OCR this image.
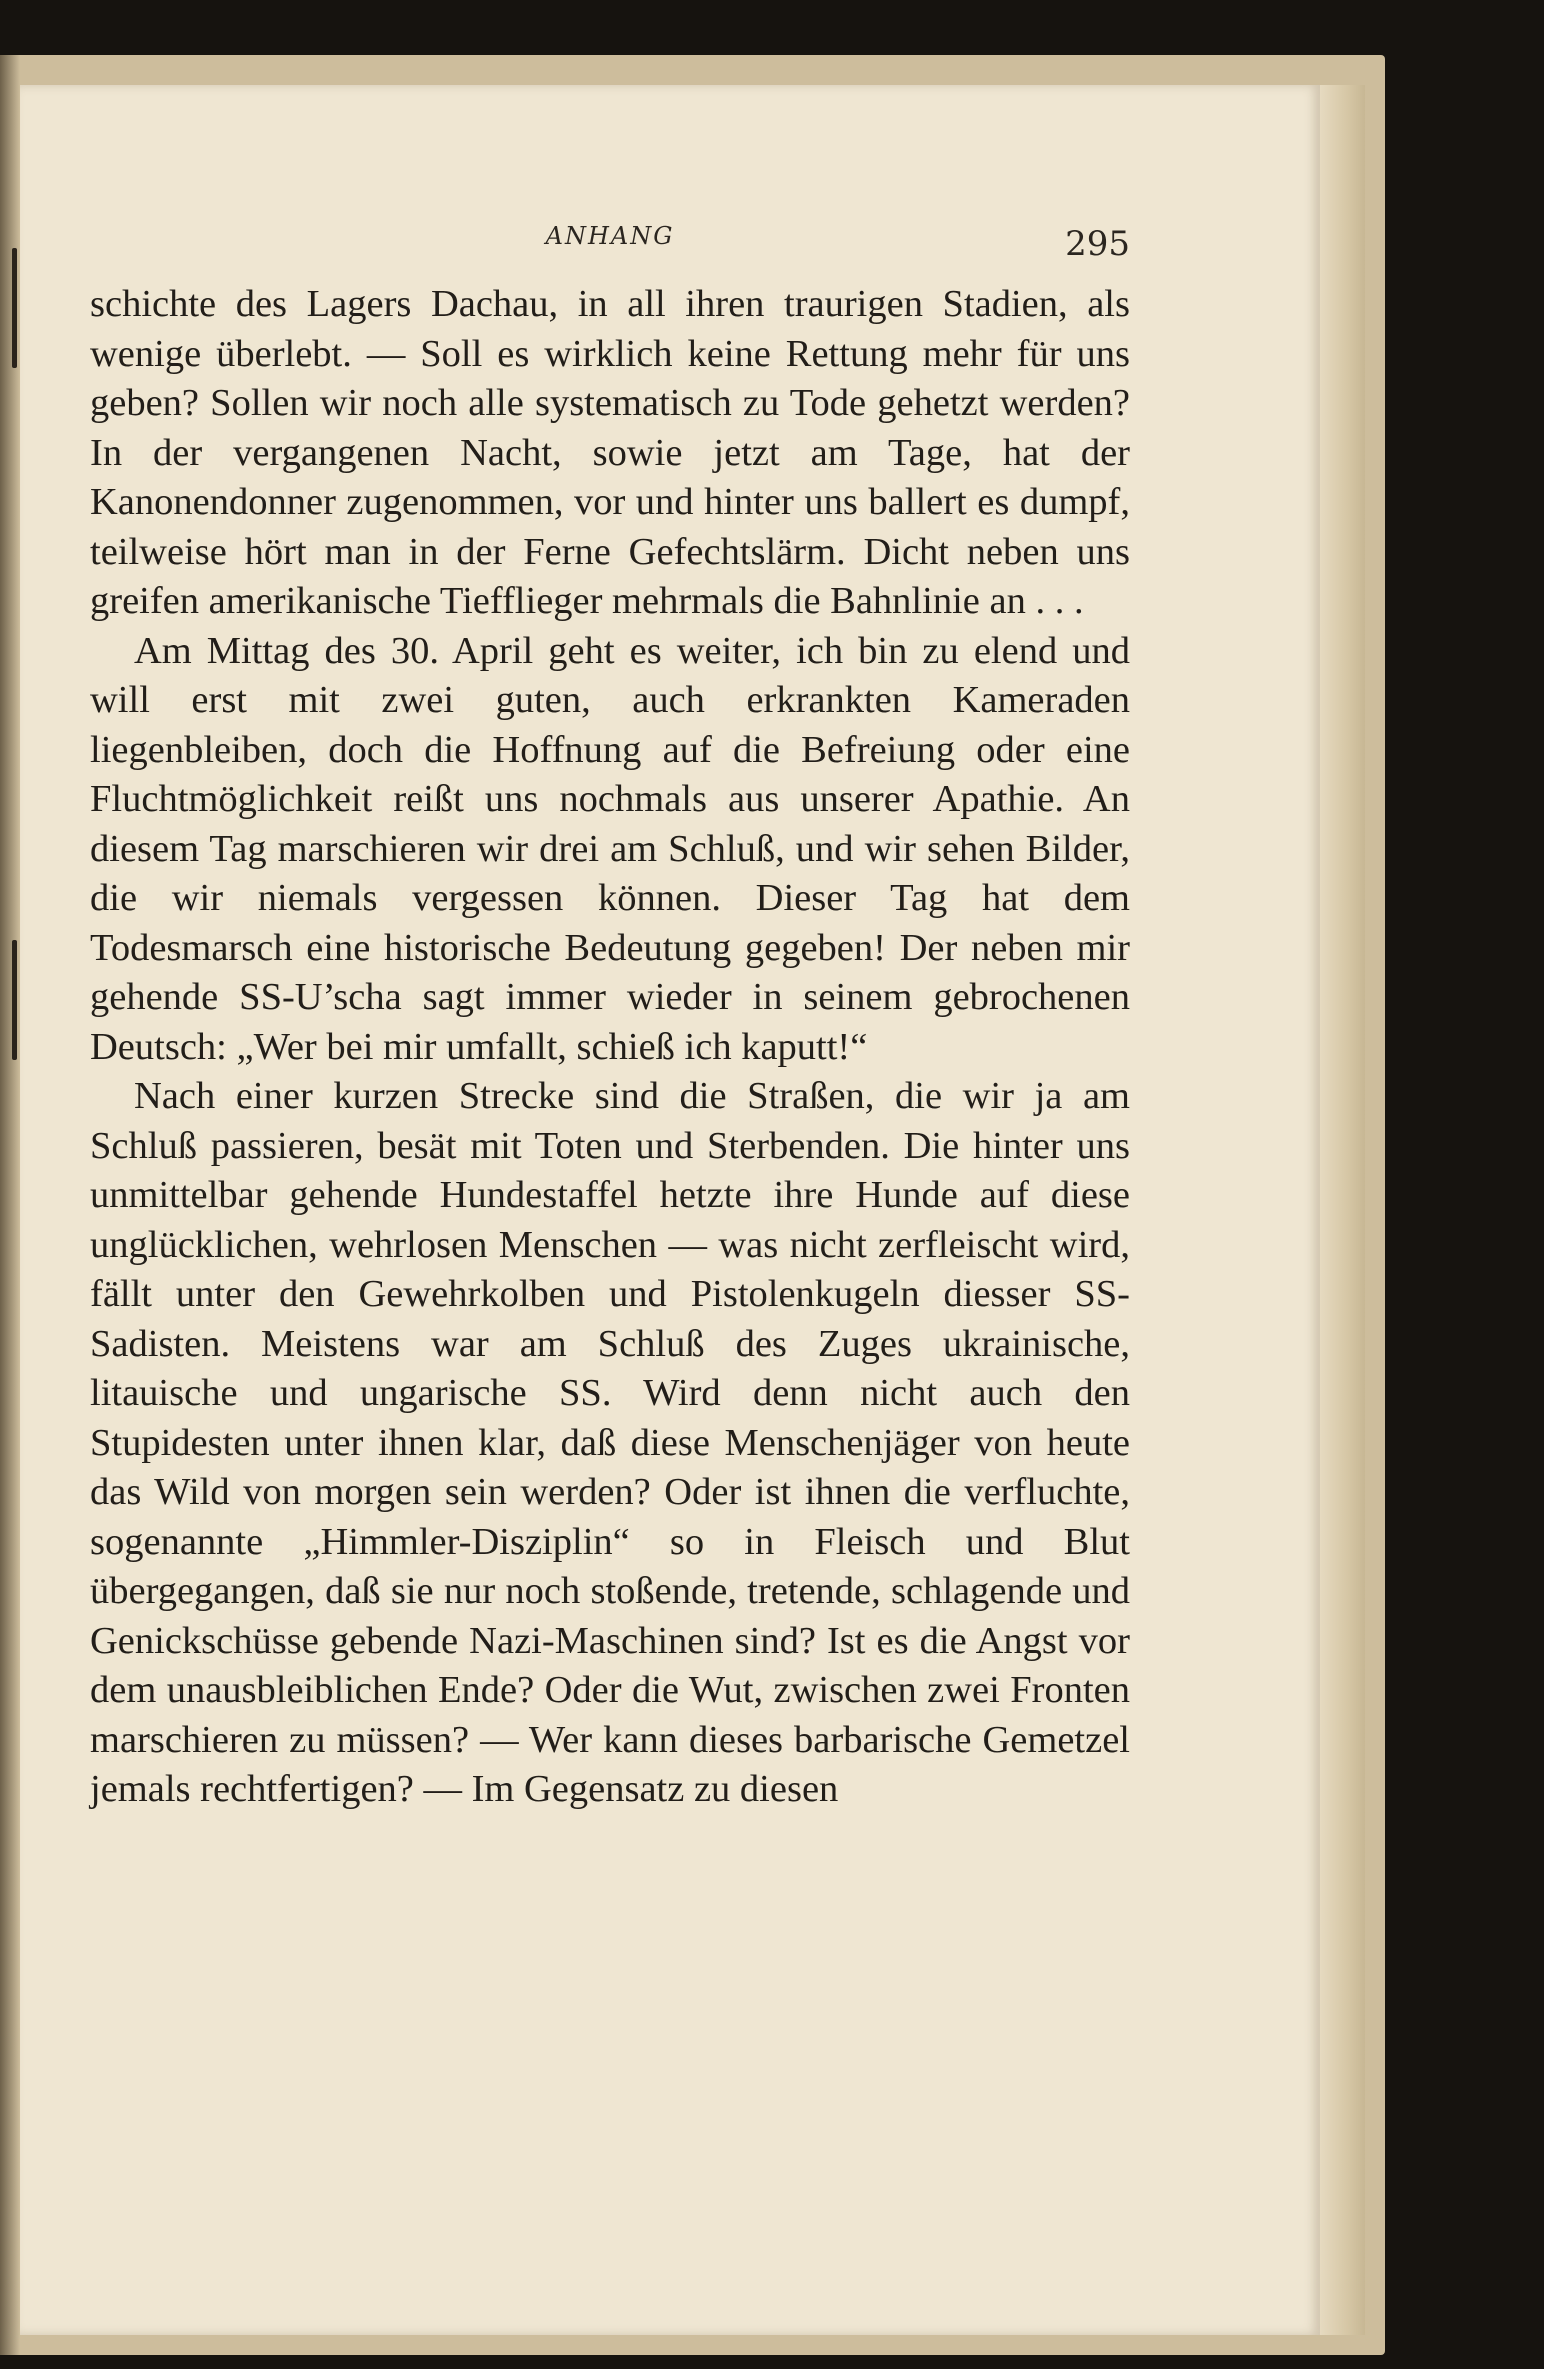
ANHANG	295

schichte des Lagers Dachau, in all ihren traurigen Stadien, als wenige überlebt. — Soll es wirklich keine Rettung mehr für uns geben? Sollen wir noch alle systematisch zu Tode gehetzt werden? In der vergangenen Nacht, sowie jetzt am Tage, hat der Kanonendonner zugenommen, vor und hinter uns ballert es dumpf, teilweise hört man in der Ferne Gefechtslärm. Dicht neben uns greifen amerikanische Tiefflieger mehrmals die Bahnlinie an . . .

Am Mittag des 30. April geht es weiter, ich bin zu elend und will erst mit zwei guten, auch erkrankten Kameraden liegenbleiben, doch die Hoffnung auf die Befreiung oder eine Fluchtmöglichkeit reißt uns nochmals aus unserer Apathie. An diesem Tag marschieren wir drei am Schluß, und wir sehen Bilder, die wir niemals vergessen können. Dieser Tag hat dem Todesmarsch eine historische Bedeutung gegeben! Der neben mir gehende SS-U’scha sagt immer wieder in seinem gebrochenen Deutsch: „Wer bei mir umfallt, schieß ich kaputt!“

Nach einer kurzen Strecke sind die Straßen, die wir ja am Schluß passieren, besät mit Toten und Sterbenden. Die hinter uns unmittelbar gehende Hundestaffel hetzte ihre Hunde auf diese unglücklichen, wehrlosen Menschen — was nicht zerfleischt wird, fällt unter den Gewehrkolben und Pistolenkugeln diesser SS-Sadisten. Meistens war am Schluß des Zuges ukrainische, litauische und ungarische SS. Wird denn nicht auch den Stupidesten unter ihnen klar, daß diese Menschenjäger von heute das Wild von morgen sein werden? Oder ist ihnen die verfluchte, sogenannte „Himmler-Disziplin“ so in Fleisch und Blut übergegangen, daß sie nur noch stoßende, tretende, schlagende und Genickschüsse gebende Nazi-Maschinen sind? Ist es die Angst vor dem unausbleiblichen Ende? Oder die Wut, zwischen zwei Fronten marschieren zu müssen? — Wer kann dieses barbarische Gemetzel jemals rechtfertigen? — Im Gegensatz zu diesen
